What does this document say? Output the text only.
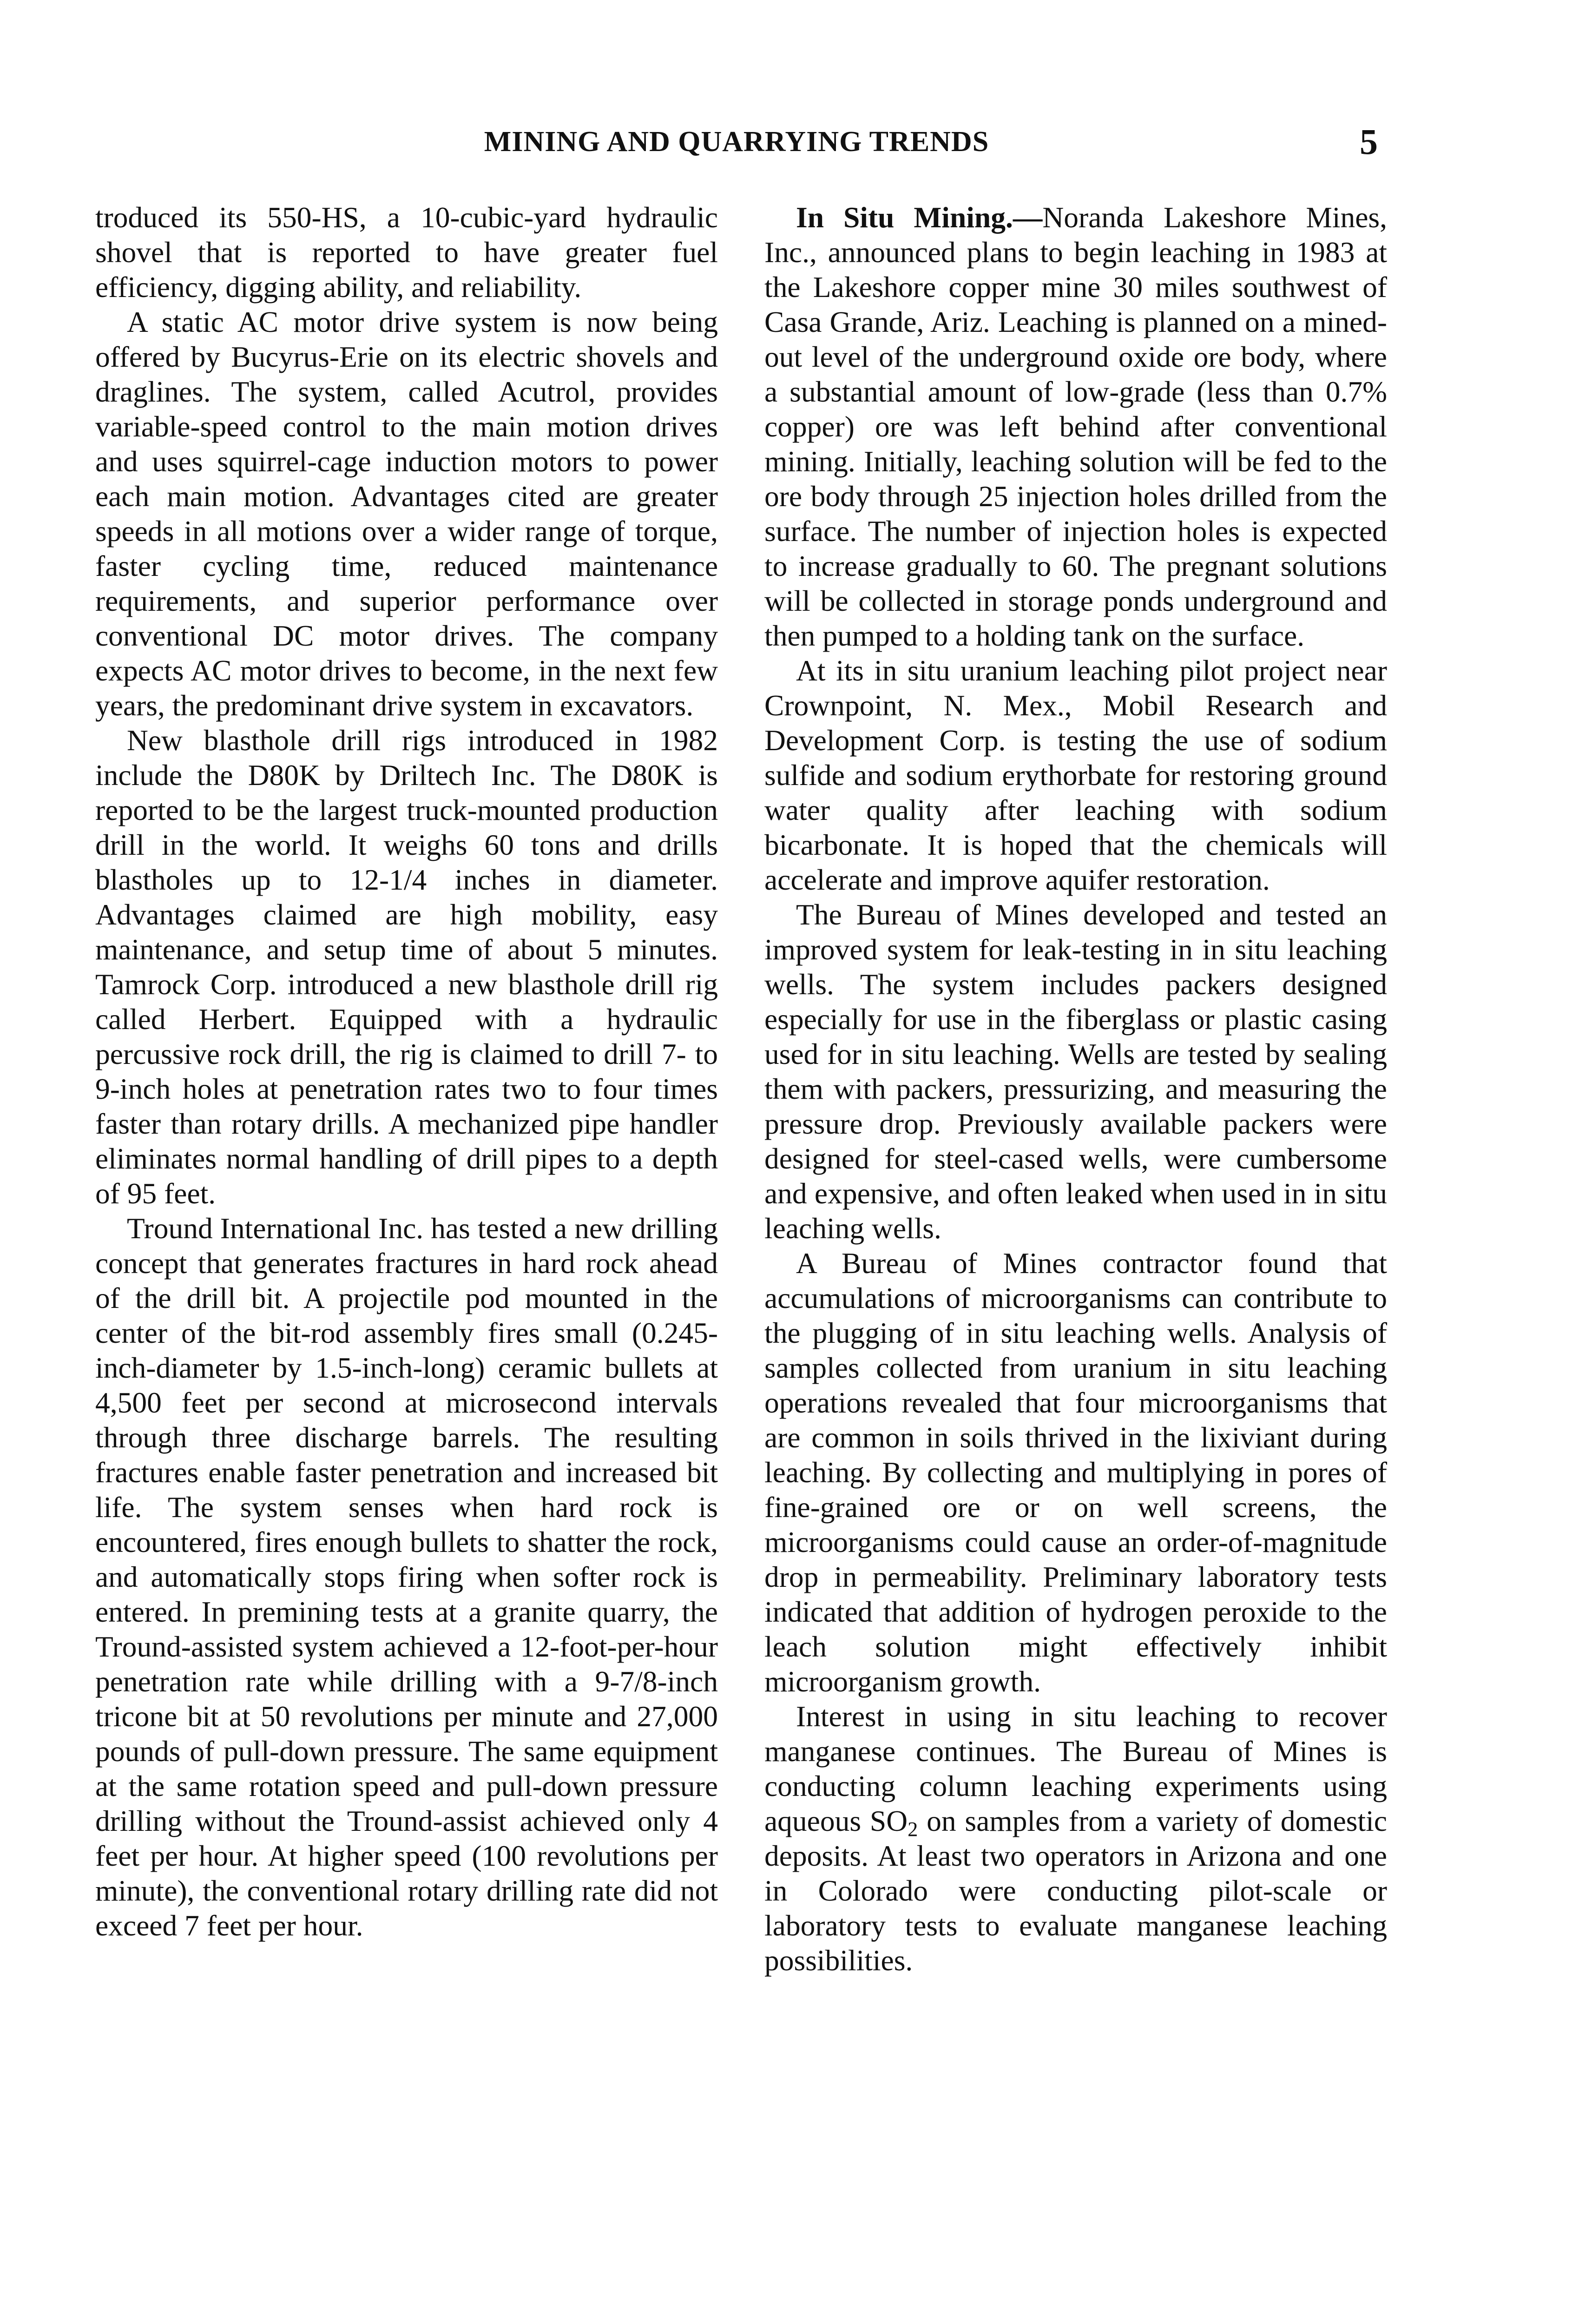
MINING AND QUARRYING TRENDS	5

troduced its 550-HS, a 10-cubic-yard hydraulic shovel that is reported to have greater fuel efficiency, digging ability, and reliability.

A static AC motor drive system is now being offered by Bucyrus-Erie on its electric shovels and draglines. The system, called Acutrol, provides variable-speed control to the main motion drives and uses squirrel-cage induction motors to power each main motion. Advantages cited are greater speeds in all motions over a wider range of torque, faster cycling time, reduced maintenance requirements, and superior performance over conventional DC motor drives. The company expects AC motor drives to become, in the next few years, the predominant drive system in excavators.

New blasthole drill rigs introduced in 1982 include the D80K by Driltech Inc. The D80K is reported to be the largest truck-mounted production drill in the world. It weighs 60 tons and drills blastholes up to 12-1/4 inches in diameter. Advantages claimed are high mobility, easy maintenance, and setup time of about 5 minutes. Tamrock Corp. introduced a new blasthole drill rig called Herbert. Equipped with a hydraulic percussive rock drill, the rig is claimed to drill 7- to 9-inch holes at penetration rates two to four times faster than rotary drills. A mechanized pipe handler eliminates normal handling of drill pipes to a depth of 95 feet.

Tround International Inc. has tested a new drilling concept that generates fractures in hard rock ahead of the drill bit. A projectile pod mounted in the center of the bit-rod assembly fires small (0.245-inch-diameter by 1.5-inch-long) ceramic bullets at 4,500 feet per second at microsecond intervals through three discharge barrels. The resulting fractures enable faster penetration and increased bit life. The system senses when hard rock is encountered, fires enough bullets to shatter the rock, and automatically stops firing when softer rock is entered. In premining tests at a granite quarry, the Tround-assisted system achieved a 12-foot-per-hour penetration rate while drilling with a 9-7/8-inch tricone bit at 50 revolutions per minute and 27,000 pounds of pull-down pressure. The same equipment at the same rotation speed and pull-down pressure drilling without the Tround-assist achieved only 4 feet per hour. At higher speed (100 revolutions per minute), the conventional rotary drilling rate did not exceed 7 feet per hour.

In Situ Mining.—Noranda Lakeshore Mines, Inc., announced plans to begin leaching in 1983 at the Lakeshore copper mine 30 miles southwest of Casa Grande, Ariz. Leaching is planned on a mined-out level of the underground oxide ore body, where a substantial amount of low-grade (less than 0.7% copper) ore was left behind after conventional mining. Initially, leaching solution will be fed to the ore body through 25 injection holes drilled from the surface. The number of injection holes is expected to increase gradually to 60. The pregnant solutions will be collected in storage ponds underground and then pumped to a holding tank on the surface.

At its in situ uranium leaching pilot project near Crownpoint, N. Mex., Mobil Research and Development Corp. is testing the use of sodium sulfide and sodium erythorbate for restoring ground water quality after leaching with sodium bicarbonate. It is hoped that the chemicals will accelerate and improve aquifer restoration.

The Bureau of Mines developed and tested an improved system for leak-testing in in situ leaching wells. The system includes packers designed especially for use in the fiberglass or plastic casing used for in situ leaching. Wells are tested by sealing them with packers, pressurizing, and measuring the pressure drop. Previously available packers were designed for steel-cased wells, were cumbersome and expensive, and often leaked when used in in situ leaching wells.

A Bureau of Mines contractor found that accumulations of microorganisms can contribute to the plugging of in situ leaching wells. Analysis of samples collected from uranium in situ leaching operations revealed that four microorganisms that are common in soils thrived in the lixiviant during leaching. By collecting and multiplying in pores of fine-grained ore or on well screens, the microorganisms could cause an order-of-magnitude drop in permeability. Preliminary laboratory tests indicated that addition of hydrogen peroxide to the leach solution might effectively inhibit microorganism growth.

Interest in using in situ leaching to recover manganese continues. The Bureau of Mines is conducting column leaching experiments using aqueous $SO_2$ on samples from a variety of domestic deposits. At least two operators in Arizona and one in Colorado were conducting pilot-scale or laboratory tests to evaluate manganese leaching possibilities.
